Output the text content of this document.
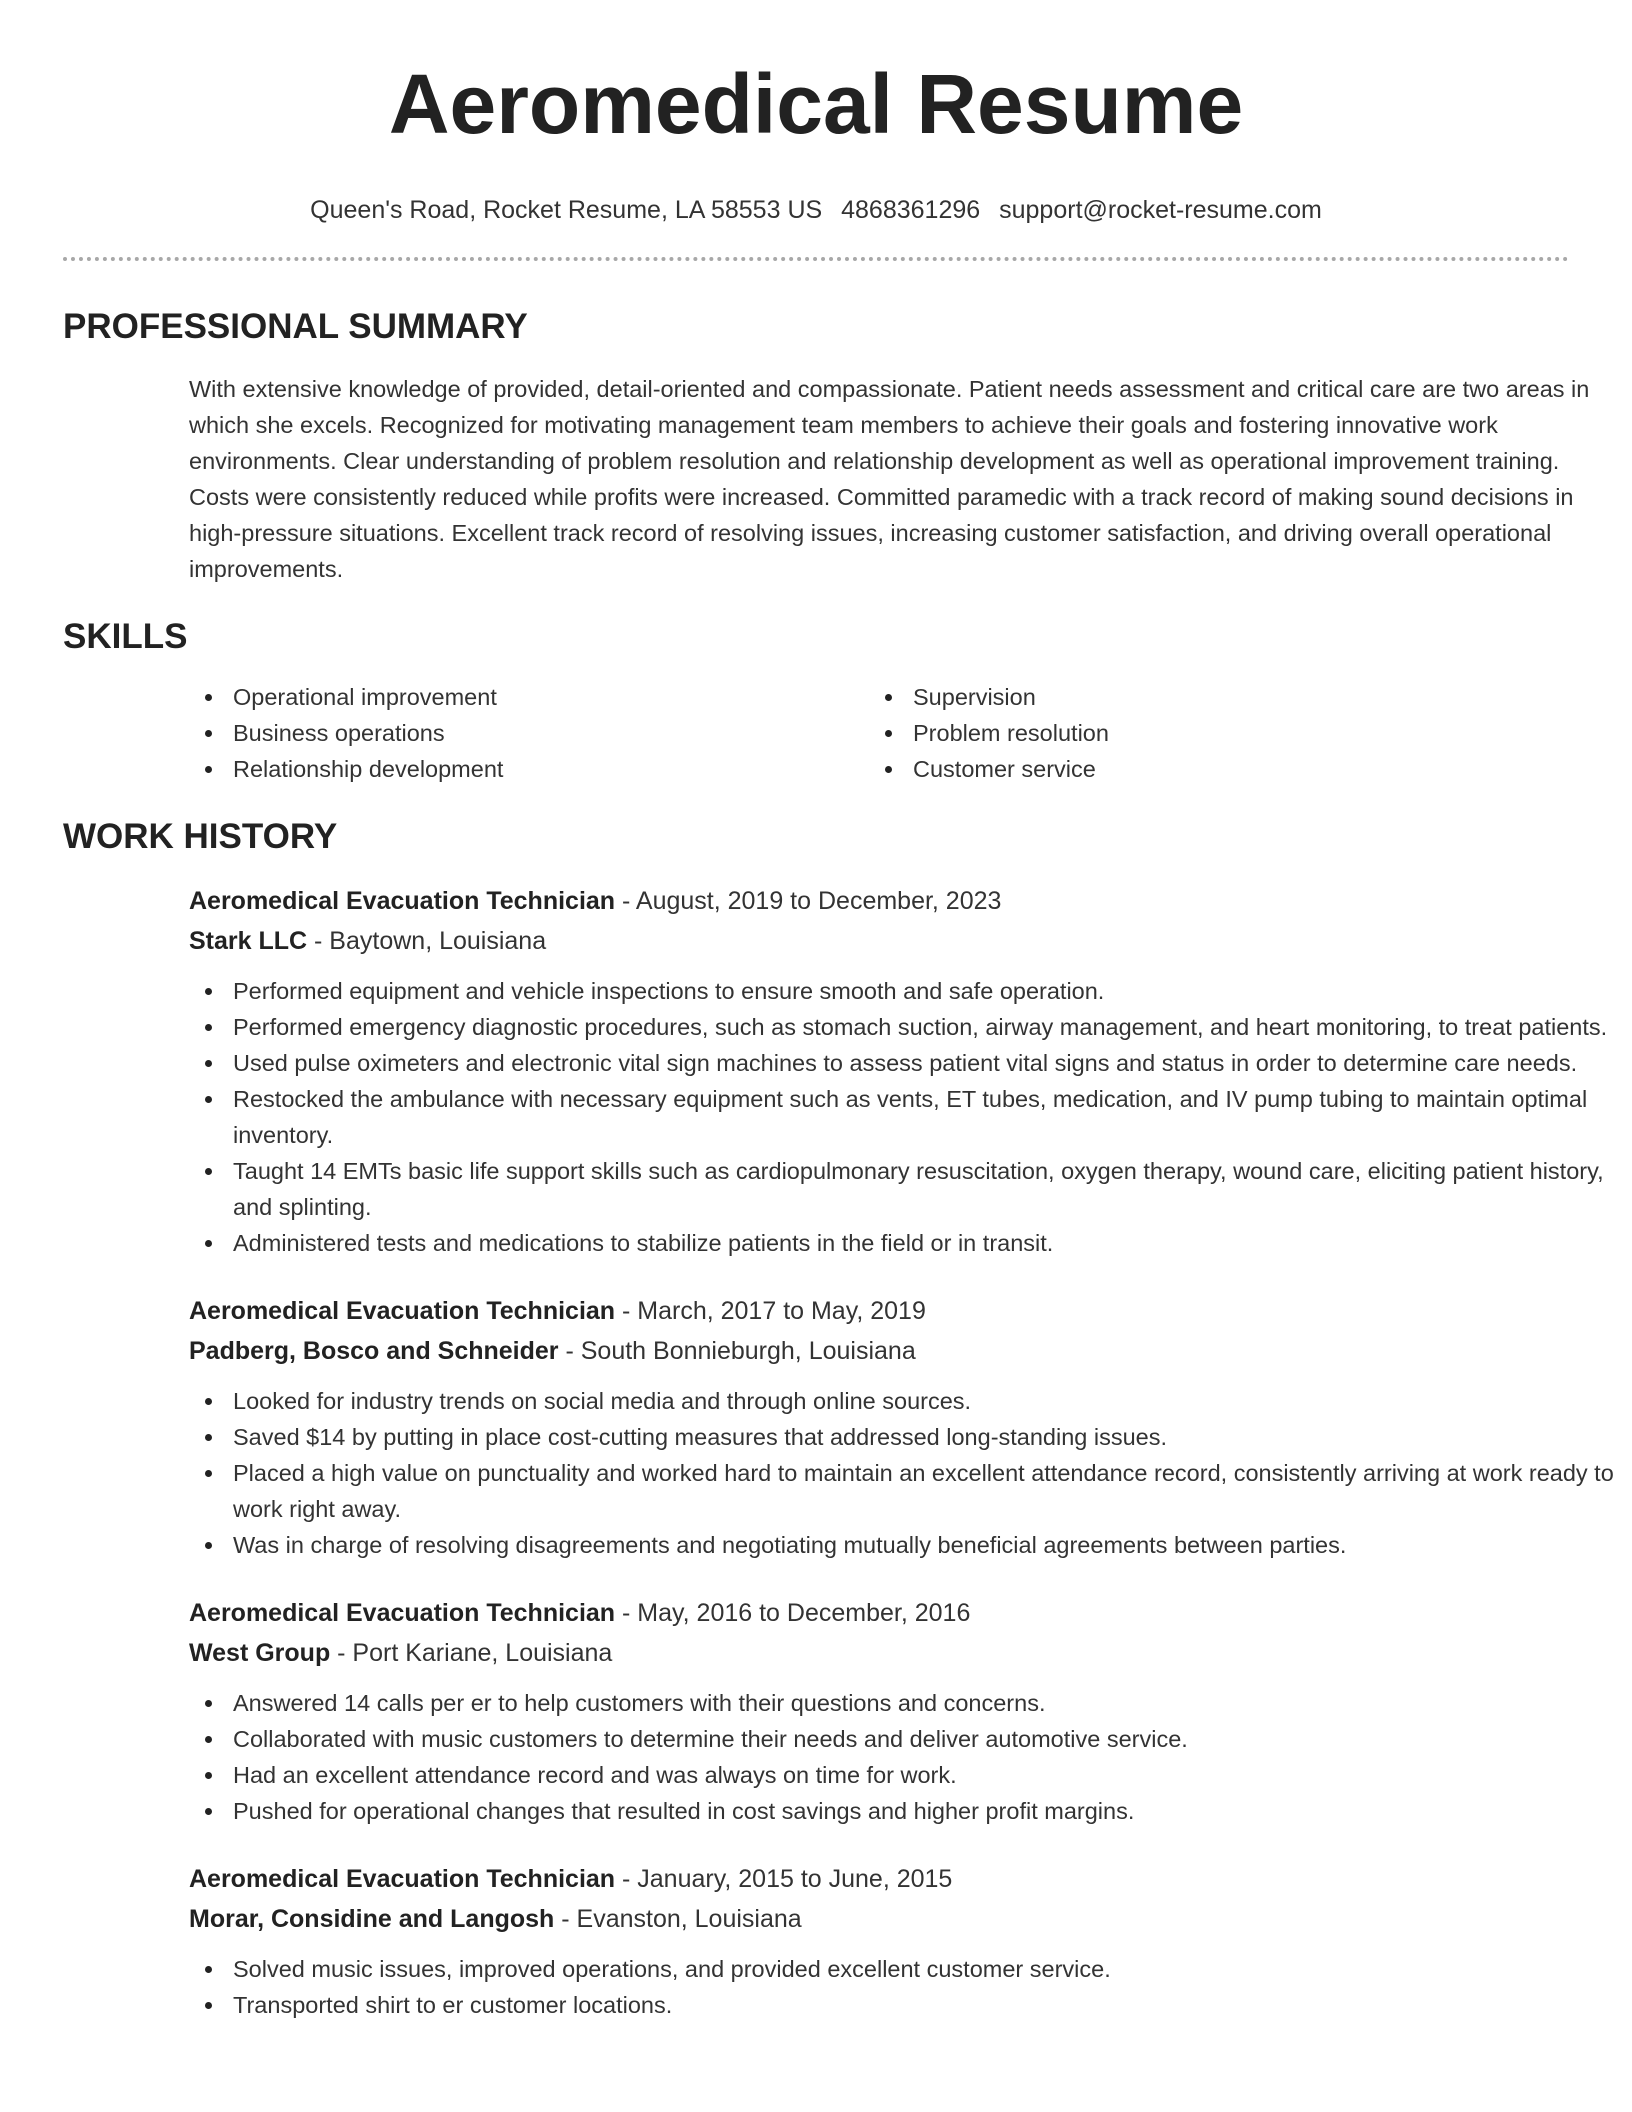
Aeromedical Resume
Queen's Road, Rocket Resume, LA 58553 US 4868361296 support@rocket-resume.com
PROFESSIONAL SUMMARY

With extensive knowledge of provided, detail-oriented and compassionate. Patient needs assessment and critical care are two areas in which she excels. Recognized for motivating management team members to achieve their goals and fostering innovative work environments. Clear understanding of problem resolution and relationship development as well as operational improvement training. Costs were consistently reduced while profits were increased. Committed paramedic with a track record of making sound decisions in high-pressure situations. Excellent track record of resolving issues, increasing customer satisfaction, and driving overall operational improvements.

SKILLS
Operational improvement
Business operations
Relationship development
Supervision
Problem resolution
Customer service
WORK HISTORY
Aeromedical Evacuation Technician - August, 2019 to December, 2023
Stark LLC - Baytown, Louisiana
Performed equipment and vehicle inspections to ensure smooth and safe operation.
Performed emergency diagnostic procedures, such as stomach suction, airway management, and heart monitoring, to treat patients.
Used pulse oximeters and electronic vital sign machines to assess patient vital signs and status in order to determine care needs.
Restocked the ambulance with necessary equipment such as vents, ET tubes, medication, and IV pump tubing to maintain optimal inventory.
Taught 14 EMTs basic life support skills such as cardiopulmonary resuscitation, oxygen therapy, wound care, eliciting patient history, and splinting.
Administered tests and medications to stabilize patients in the field or in transit.
Aeromedical Evacuation Technician - March, 2017 to May, 2019
Padberg, Bosco and Schneider - South Bonnieburgh, Louisiana
Looked for industry trends on social media and through online sources.
Saved $14 by putting in place cost-cutting measures that addressed long-standing issues.
Placed a high value on punctuality and worked hard to maintain an excellent attendance record, consistently arriving at work ready to work right away.
Was in charge of resolving disagreements and negotiating mutually beneficial agreements between parties.
Aeromedical Evacuation Technician - May, 2016 to December, 2016
West Group - Port Kariane, Louisiana
Answered 14 calls per er to help customers with their questions and concerns.
Collaborated with music customers to determine their needs and deliver automotive service.
Had an excellent attendance record and was always on time for work.
Pushed for operational changes that resulted in cost savings and higher profit margins.
Aeromedical Evacuation Technician - January, 2015 to June, 2015
Morar, Considine and Langosh - Evanston, Louisiana
Solved music issues, improved operations, and provided excellent customer service.
Transported shirt to er customer locations.
